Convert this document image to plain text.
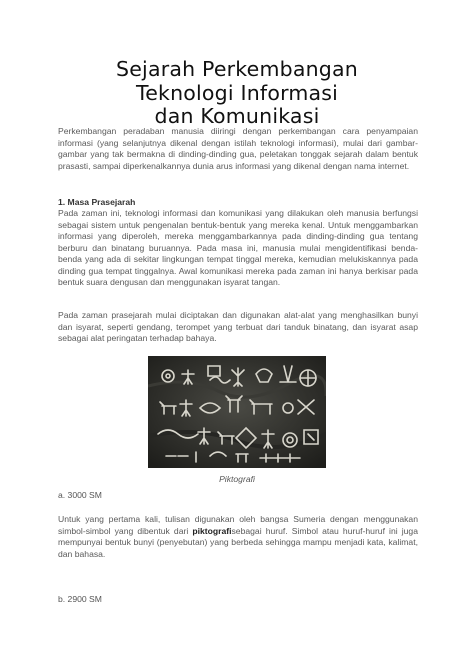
Sejarah Perkembangan
Teknologi Informasi
dan Komunikasi
Perkembangan peradaban manusia diiringi dengan perkembangan cara penyampaian informasi (yang selanjutnya dikenal dengan istilah teknologi informasi), mulai dari gambar-gambar yang tak bermakna di dinding-dinding gua, peletakan tonggak sejarah dalam bentuk prasasti, sampai diperkenalkannya dunia arus informasi yang dikenal dengan nama internet.
1. Masa Prasejarah
Pada zaman ini, teknologi informasi dan komunikasi yang dilakukan oleh manusia berfungsi sebagai sistem untuk pengenalan bentuk-bentuk yang mereka kenal. Untuk menggambarkan informasi yang diperoleh, mereka menggambarkannya pada dinding-dinding gua tentang berburu dan binatang buruannya. Pada masa ini, manusia mulai mengidentifikasi benda-benda yang ada di sekitar lingkungan tempat tinggal mereka, kemudian melukiskannya pada dinding gua tempat tinggalnya. Awal komunikasi mereka pada zaman ini hanya berkisar pada bentuk suara dengusan dan menggunakan isyarat tangan.
Pada zaman prasejarah mulai diciptakan dan digunakan alat-alat yang menghasilkan bunyi dan isyarat, seperti gendang, terompet yang terbuat dari tanduk binatang, dan isyarat asap sebagai alat peringatan terhadap bahaya.
Piktografi
a. 3000 SM
Untuk yang pertama kali, tulisan digunakan oleh bangsa Sumeria dengan menggunakan simbol-simbol yang dibentuk dari piktografisebagai huruf. Simbol atau huruf-huruf ini juga mempunyai bentuk bunyi (penyebutan) yang berbeda sehingga mampu menjadi kata, kalimat, dan bahasa.
b. 2900 SM
